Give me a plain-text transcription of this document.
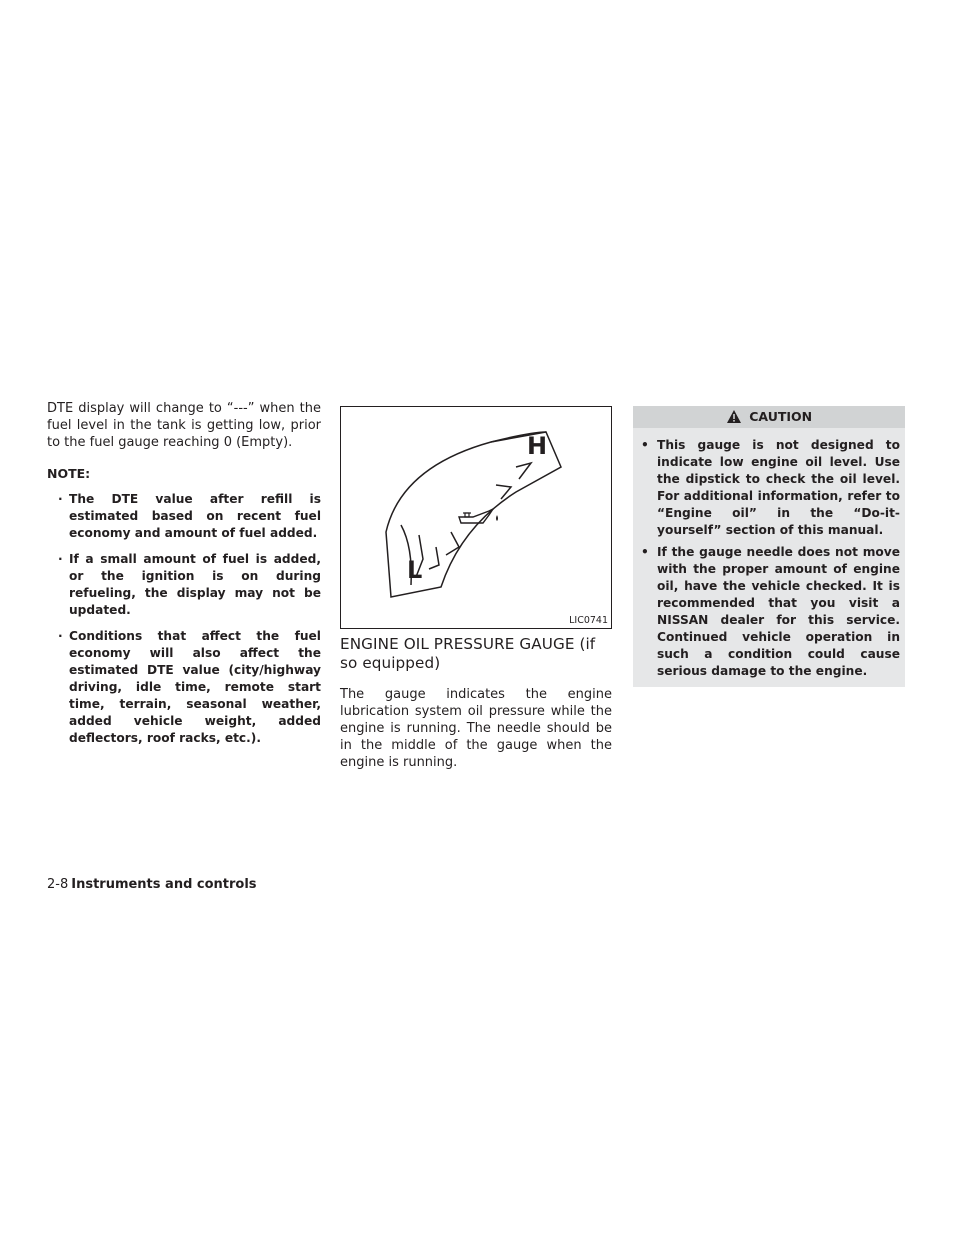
DTE display will change to “---” when the fuel level in the tank is getting low, prior to the fuel gauge reaching 0 (Empty).

NOTE:
· The DTE value after refill is estimated based on recent fuel economy and amount of fuel added.
· If a small amount of fuel is added, or the ignition is on during refueling, the display may not be updated.
· Conditions that affect the fuel economy will also affect the estimated DTE value (city/highway driving, idle time, remote start time, terrain, seasonal weather, added vehicle weight, added deflectors, roof racks, etc.).
H
L
LIC0741
ENGINE OIL PRESSURE GAUGE (if so equipped)

The gauge indicates the engine lubrication system oil pressure while the engine is running. The needle should be in the middle of the gauge when the engine is running.

CAUTION
• This gauge is not designed to indicate low engine oil level. Use the dipstick to check the oil level. For additional information, refer to “Engine oil” in the “Do-it-yourself” section of this manual.
• If the gauge needle does not move with the proper amount of engine oil, have the vehicle checked. It is recommended that you visit a NISSAN dealer for this service. Continued vehicle operation in such a condition could cause serious damage to the engine.
2-8 Instruments and controls
